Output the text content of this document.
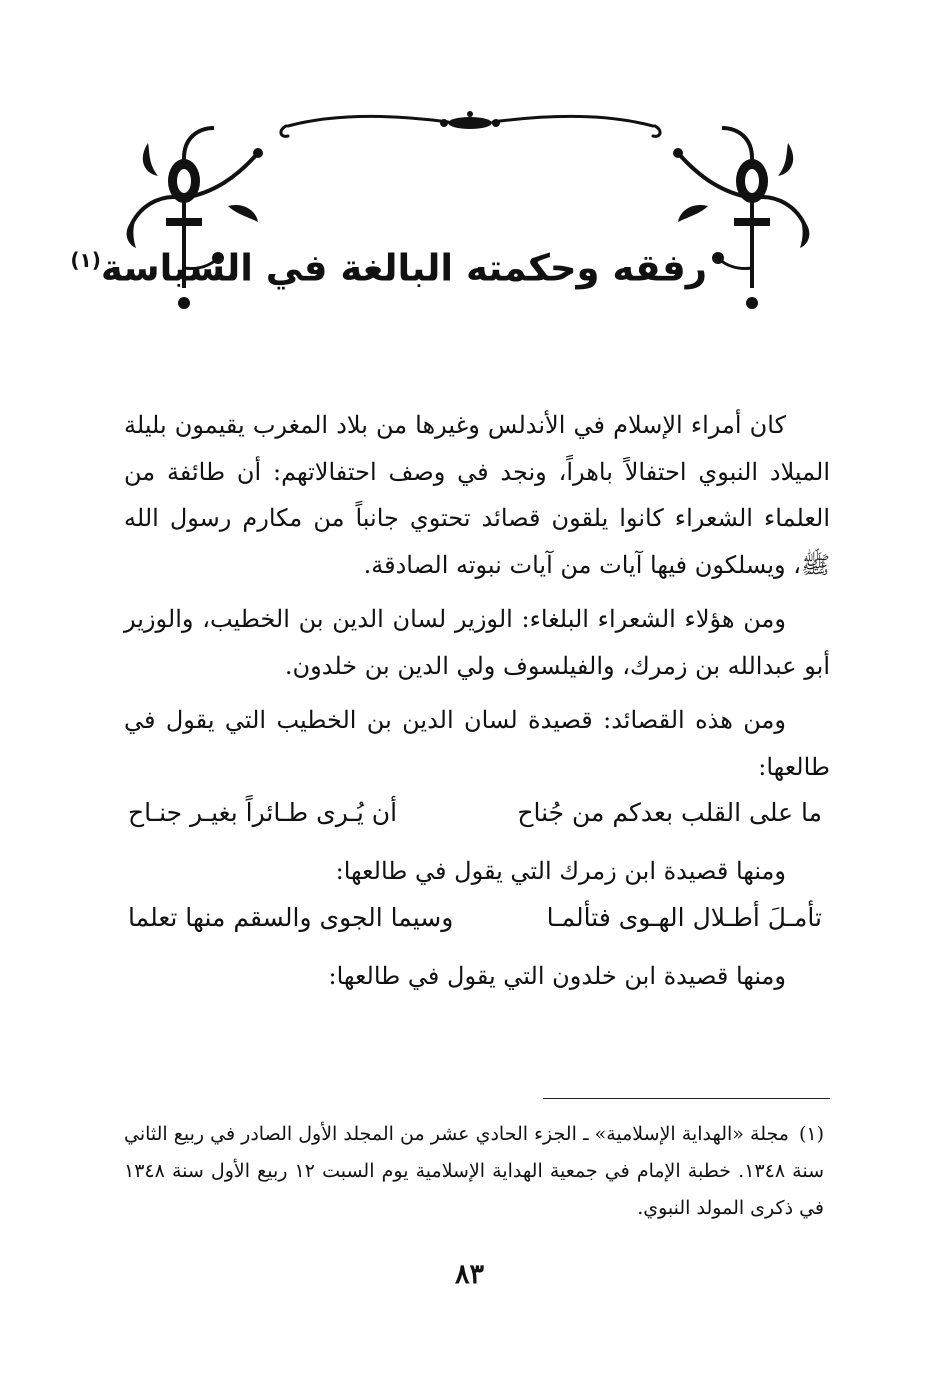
رفقه وحكمته البالغة في السياسة$^{(١)}$

كان أمراء الإسلام في الأندلس وغيرها من بلاد المغرب يقيمون بليلة الميلاد النبوي احتفالاً باهراً، ونجد في وصف احتفالاتهم: أن طائفة من العلماء الشعراء كانوا يلقون قصائد تحتوي جانباً من مكارم رسول الله ﷺ، ويسلكون فيها آيات من آيات نبوته الصادقة.

ومن هؤلاء الشعراء البلغاء: الوزير لسان الدين بن الخطيب، والوزير أبو عبدالله بن زمرك، والفيلسوف ولي الدين بن خلدون.

ومن هذه القصائد: قصيدة لسان الدين بن الخطيب التي يقول في طالعها:

ما على القلب بعدكم من جُناح
أن يُـرى طـائراً بغيـر جنـاح

ومنها قصيدة ابن زمرك التي يقول في طالعها:

تأمـلَ أطـلال الهـوى فتألمـا
وسيما الجوى والسقم منها تعلما

ومنها قصيدة ابن خلدون التي يقول في طالعها:

(١)مجلة «الهداية الإسلامية» ـ الجزء الحادي عشر من المجلد الأول الصادر في ربيع الثاني سنة ١٣٤٨. خطبة الإمام في جمعية الهداية الإسلامية يوم السبت ١٢ ربيع الأول سنة ١٣٤٨ في ذكرى المولد النبوي.
٨٣
